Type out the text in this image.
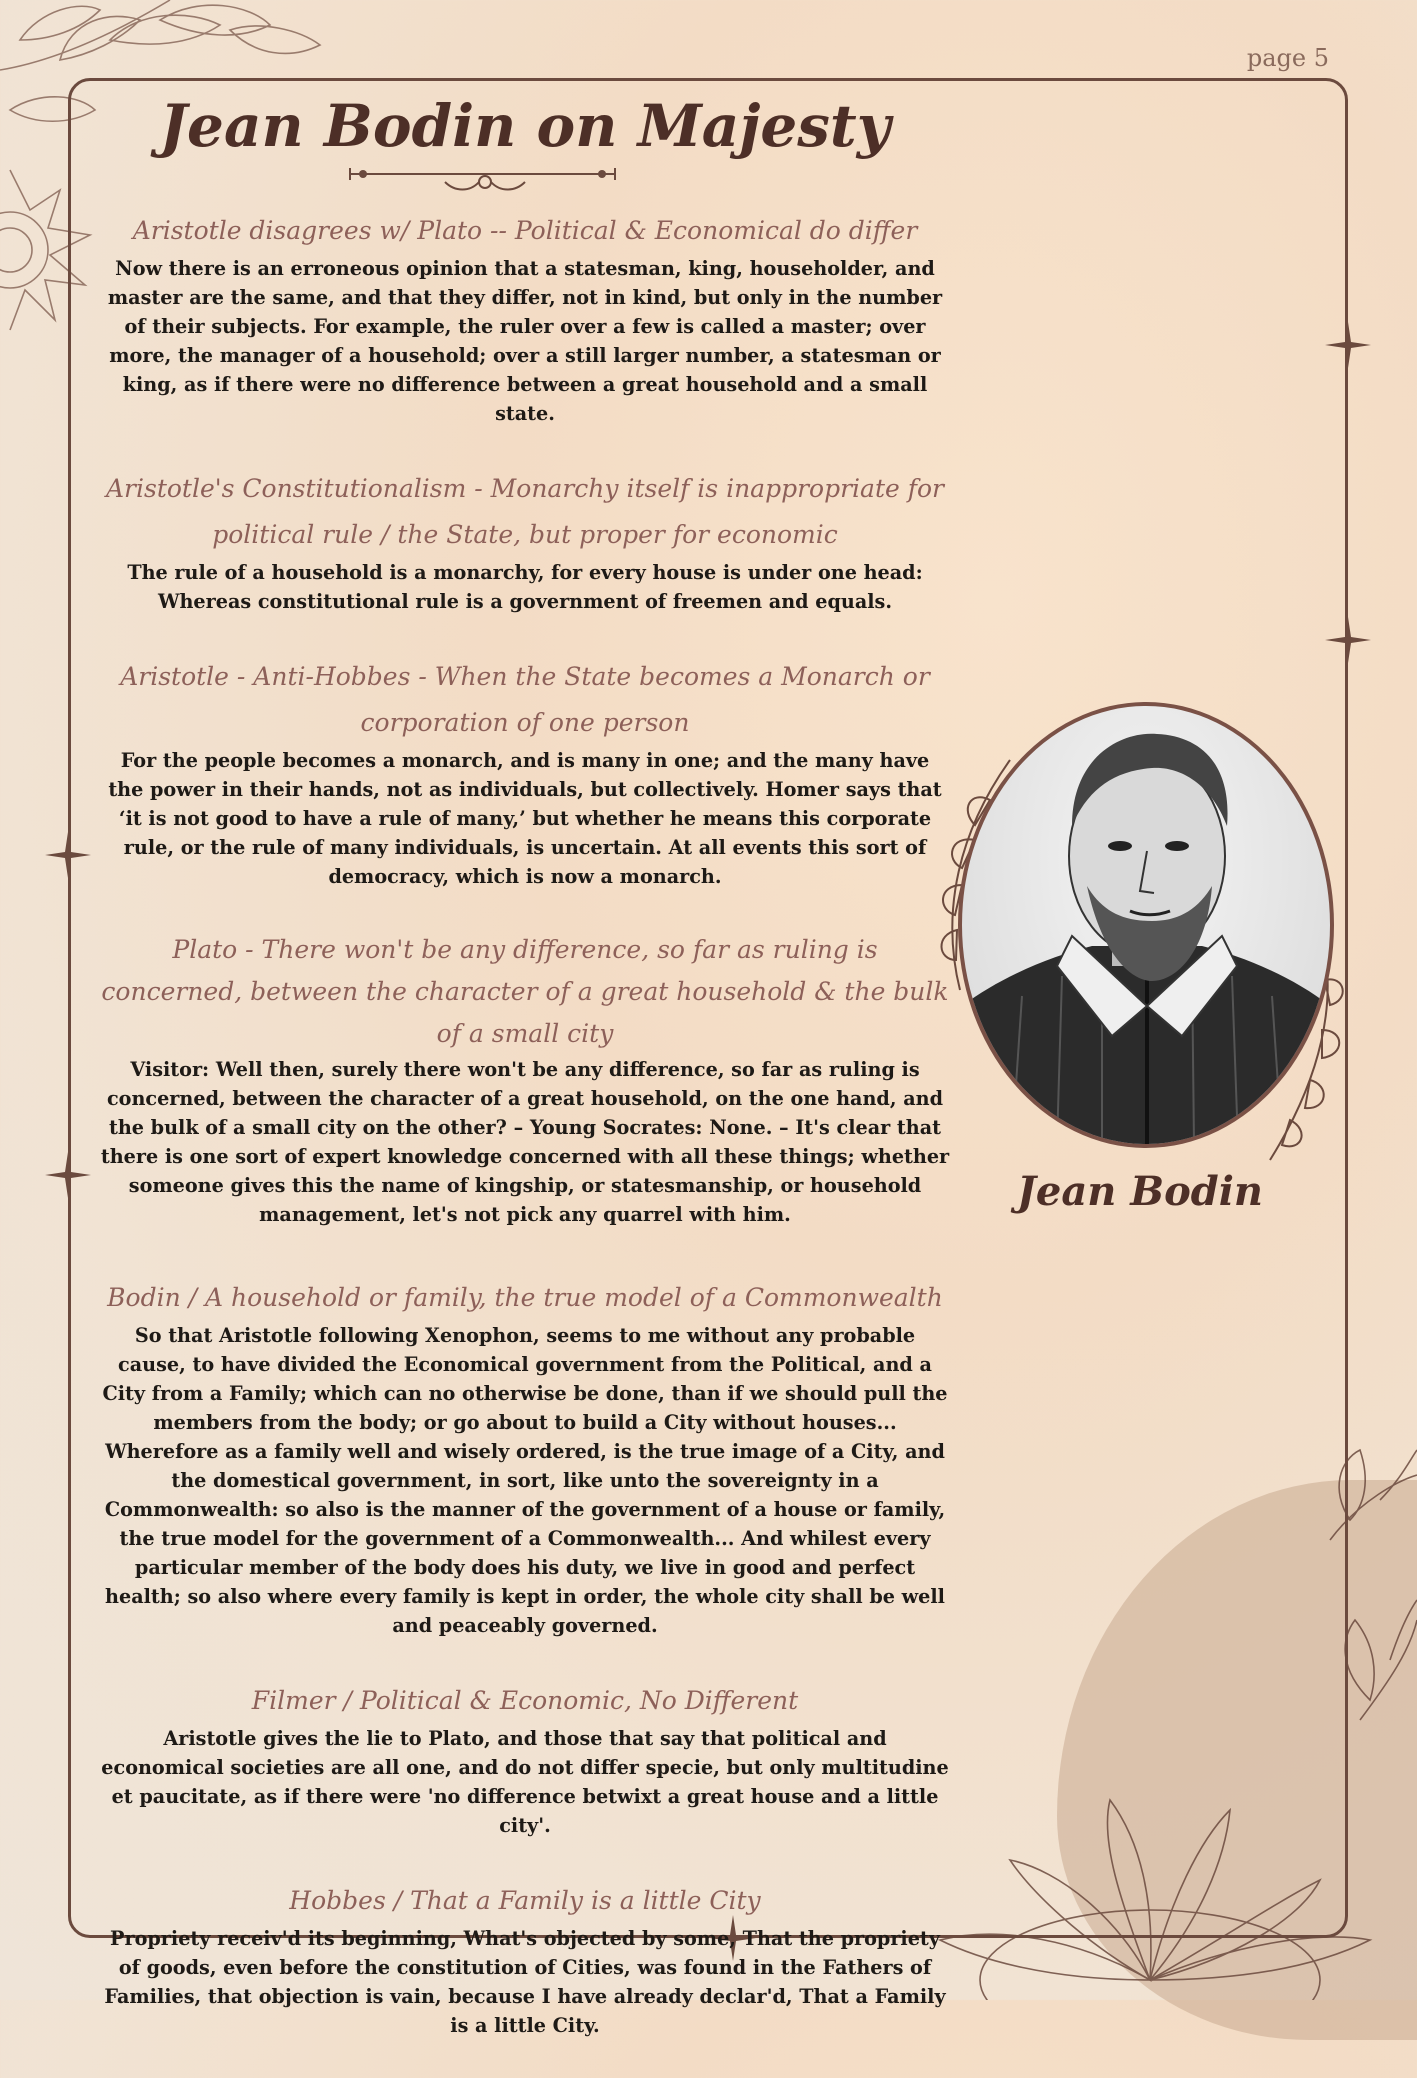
page 5
Jean Bodin on Majesty

Aristotle disagrees w/ Plato -- Political & Economical do differ

Now there is an erroneous opinion that a statesman, king, householder, and master are the same, and that they differ, not in kind, but only in the number of their subjects. For example, the ruler over a few is called a master; over more, the manager of a household; over a still larger number, a statesman or king, as if there were no difference between a great household and a small state.

Aristotle's Constitutionalism - Monarchy itself is inappropriate for political rule / the State, but proper for economic

The rule of a household is a monarchy, for every house is under one head: Whereas constitutional rule is a government of freemen and equals.

Aristotle - Anti-Hobbes - When the State becomes a Monarch or corporation of one person

For the people becomes a monarch, and is many in one; and the many have the power in their hands, not as individuals, but collectively. Homer says that ‘it is not good to have a rule of many,’ but whether he means this corporate rule, or the rule of many individuals, is uncertain. At all events this sort of democracy, which is now a monarch.

Plato - There won't be any difference, so far as ruling is concerned, between the character of a great household & the bulk of a small city

Visitor: Well then, surely there won't be any difference, so far as ruling is concerned, between the character of a great household, on the one hand, and the bulk of a small city on the other? – Young Socrates: None. – It's clear that there is one sort of expert knowledge concerned with all these things; whether someone gives this the name of kingship, or statesmanship, or household management, let's not pick any quarrel with him.

Bodin / A household or family, the true model of a Commonwealth

So that Aristotle following Xenophon, seems to me without any probable cause, to have divided the Economical government from the Political, and a City from a Family; which can no otherwise be done, than if we should pull the members from the body; or go about to build a City without houses... Wherefore as a family well and wisely ordered, is the true image of a City, and the domestical government, in sort, like unto the sovereignty in a Commonwealth: so also is the manner of the government of a house or family, the true model for the government of a Commonwealth... And whilest every particular member of the body does his duty, we live in good and perfect health; so also where every family is kept in order, the whole city shall be well and peaceably governed.

Filmer / Political & Economic, No Different

Aristotle gives the lie to Plato, and those that say that political and economical societies are all one, and do not differ specie, but only multitudine et paucitate, as if there were 'no difference betwixt a great house and a little city'.

Hobbes / That a Family is a little City

Propriety receiv'd its beginning, What's objected by some, That the propriety of goods, even before the constitution of Cities, was found in the Fathers of Families, that objection is vain, because I have already declar'd, That a Family is a little City.

Jean Bodin
